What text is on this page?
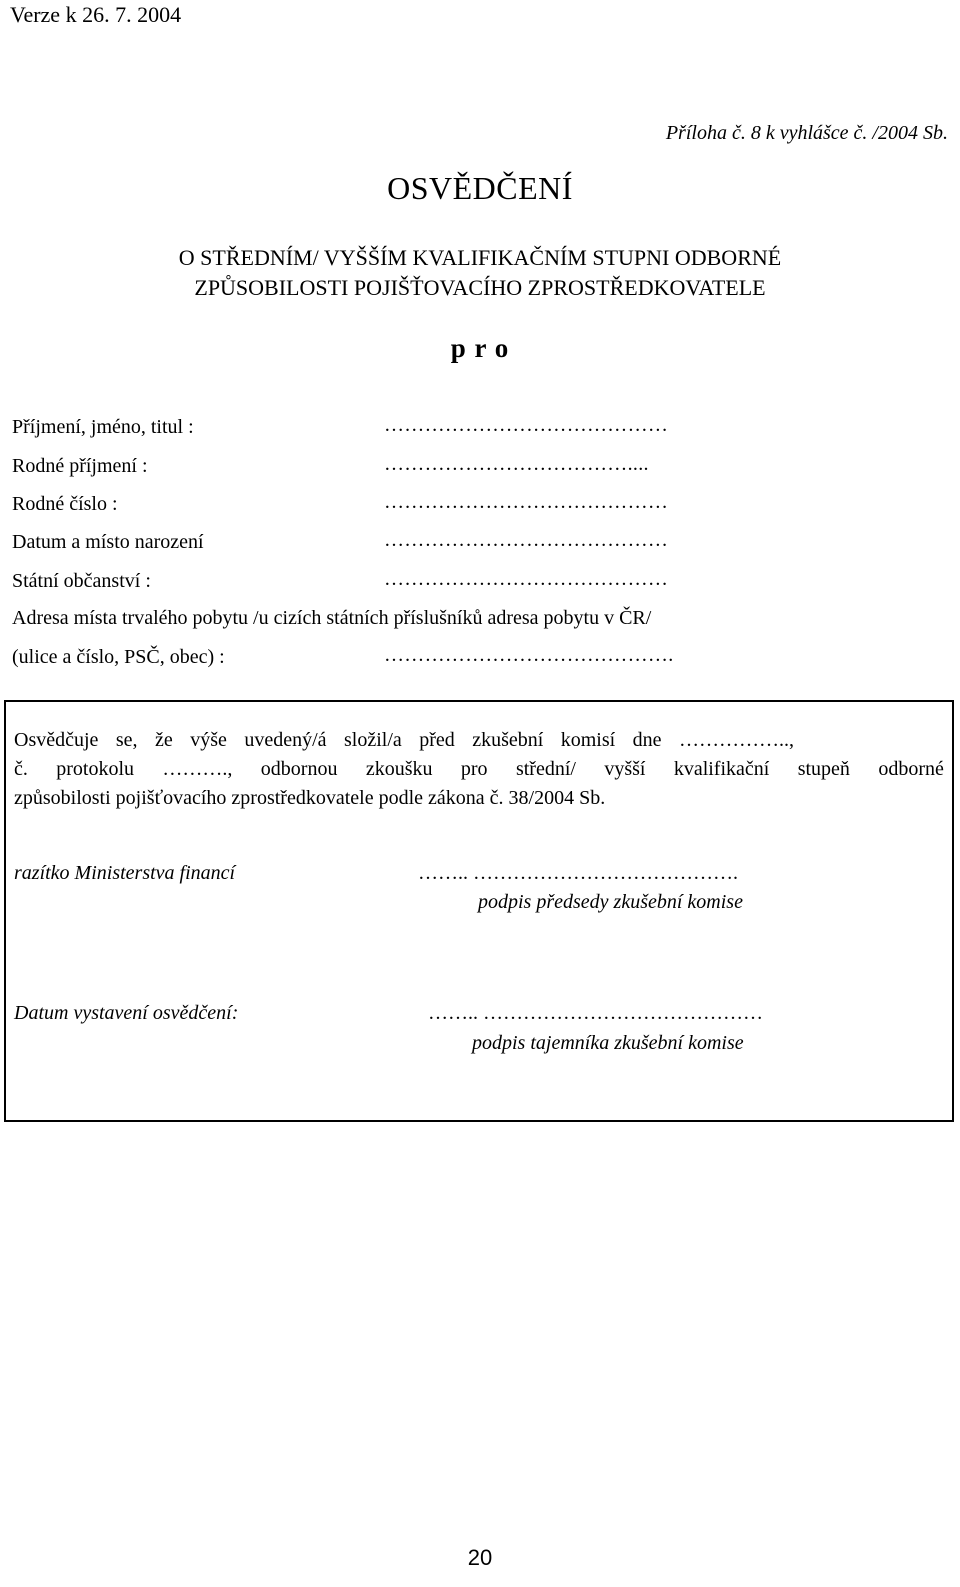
Verze k 26. 7. 2004
Příloha č. 8 k vyhlášce č. /2004 Sb.
OSVĚDČENÍ
O STŘEDNÍM/ VYŠŠÍM KVALIFIKAČNÍM STUPNI ODBORNÉ
ZPŮSOBILOSTI POJIŠŤOVACÍHO ZPROSTŘEDKOVATELE
p r o
Příjmení, jméno, titul :	……………………………………
Rodné příjmení :	………………………………....
Rodné číslo :	……………………………………
Datum a místo narození	……………………………………
Státní občanství :	……………………………………
Adresa místa trvalého pobytu /u cizích státních příslušníků adresa pobytu v ČR/
(ulice a číslo, PSČ, obec) :	…………………………………….
Osvědčuje se, že výše uvedený/á složil/a před zkušební komisí dne ……………..,
č. protokolu ………., odbornou zkoušku pro střední/ vyšší kvalifikační stupeň odborné
způsobilosti pojišťovacího zprostředkovatele podle zákona č. 38/2004 Sb.
razítko Ministerstva financí	…….. ………………………………….
podpis předsedy zkušební komise
Datum vystavení osvědčení:	…….. ……………………………………
podpis tajemníka zkušební komise
20
